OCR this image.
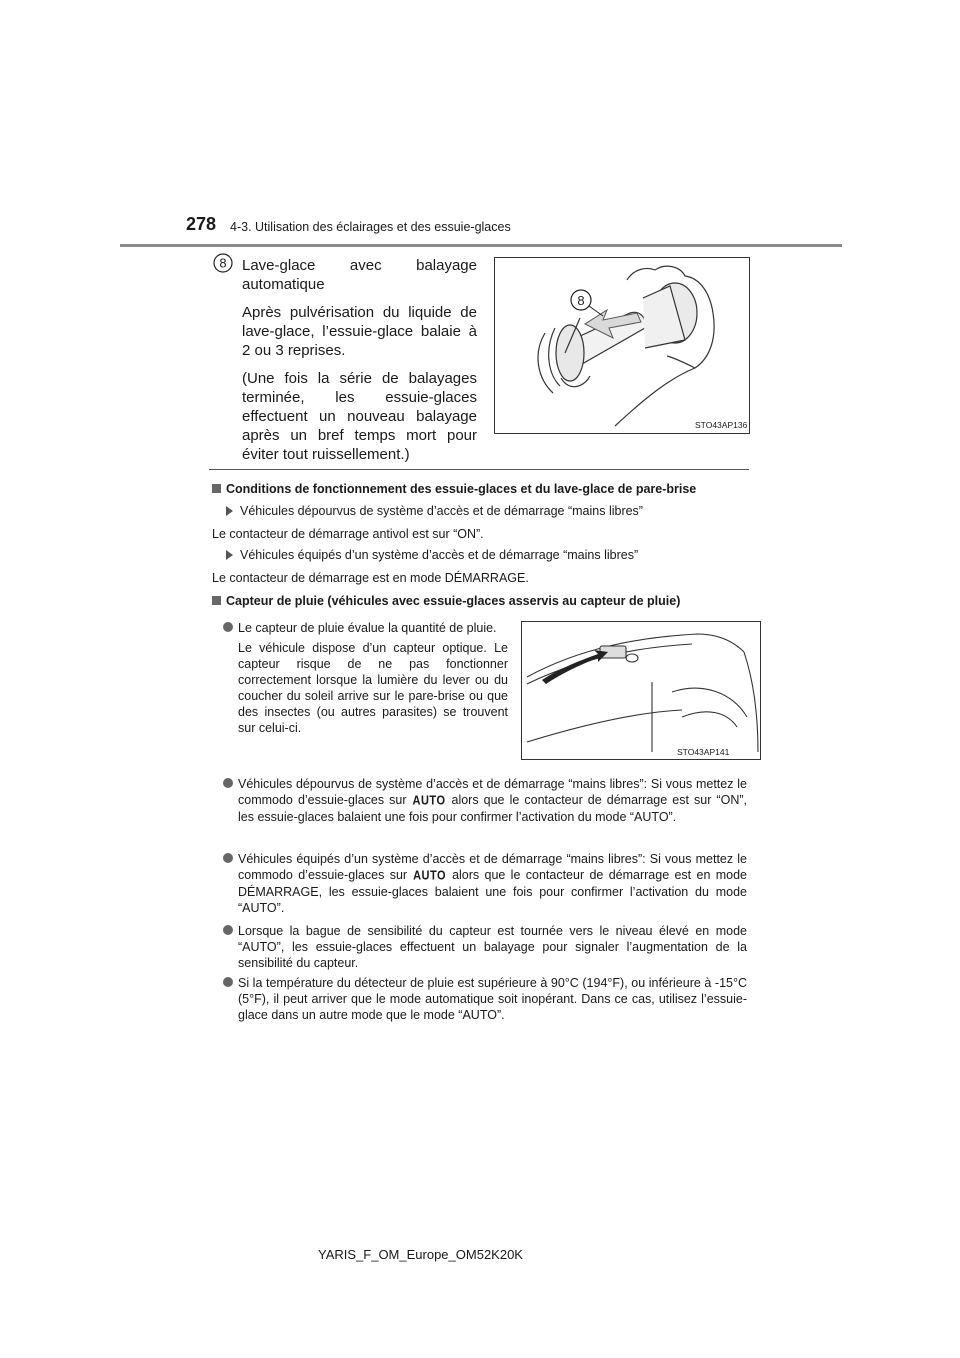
278 4-3. Utilisation des éclairages et des essuie-glaces
8 Lave-glace avec balayage automatique

Après pulvérisation du liquide de lave-glace, l’essuie-glace balaie à 2 ou 3 reprises.

(Une fois la série de balayages terminée, les essuie-glaces effectuent un nouveau balayage après un bref temps mort pour éviter tout ruissellement.)

8
STO43AP136
Conditions de fonctionnement des essuie-glaces et du lave-glace de pare-brise
Véhicules dépourvus de système d’accès et de démarrage “mains libres”
Le contacteur de démarrage antivol est sur “ON”.
Véhicules équipés d’un système d’accès et de démarrage “mains libres”
Le contacteur de démarrage est en mode DÉMARRAGE.
Capteur de pluie (véhicules avec essuie-glaces asservis au capteur de pluie)

Le capteur de pluie évalue la quantité de pluie.

Le véhicule dispose d’un capteur optique. Le capteur risque de ne pas fonctionner correctement lorsque la lumière du lever ou du coucher du soleil arrive sur le pare-brise ou que des insectes (ou autres parasites) se trouvent sur celui-ci.

STO43AP141

Véhicules dépourvus de système d’accès et de démarrage “mains libres”: Si vous mettez le commodo d’essuie-glaces sur AUTO alors que le contacteur de démarrage est sur “ON”, les essuie-glaces balaient une fois pour confirmer l’activation du mode “AUTO”.

Véhicules équipés d’un système d’accès et de démarrage “mains libres”: Si vous mettez le commodo d’essuie-glaces sur AUTO alors que le contacteur de démarrage est en mode DÉMARRAGE, les essuie-glaces balaient une fois pour confirmer l’activation du mode “AUTO”.

Lorsque la bague de sensibilité du capteur est tournée vers le niveau élevé en mode “AUTO”, les essuie-glaces effectuent un balayage pour signaler l’augmentation de la sensibilité du capteur.

Si la température du détecteur de pluie est supérieure à 90°C (194°F), ou inférieure à -15°C (5°F), il peut arriver que le mode automatique soit inopérant. Dans ce cas, utilisez l’essuie-glace dans un autre mode que le mode “AUTO”.

YARIS_F_OM_Europe_OM52K20K
